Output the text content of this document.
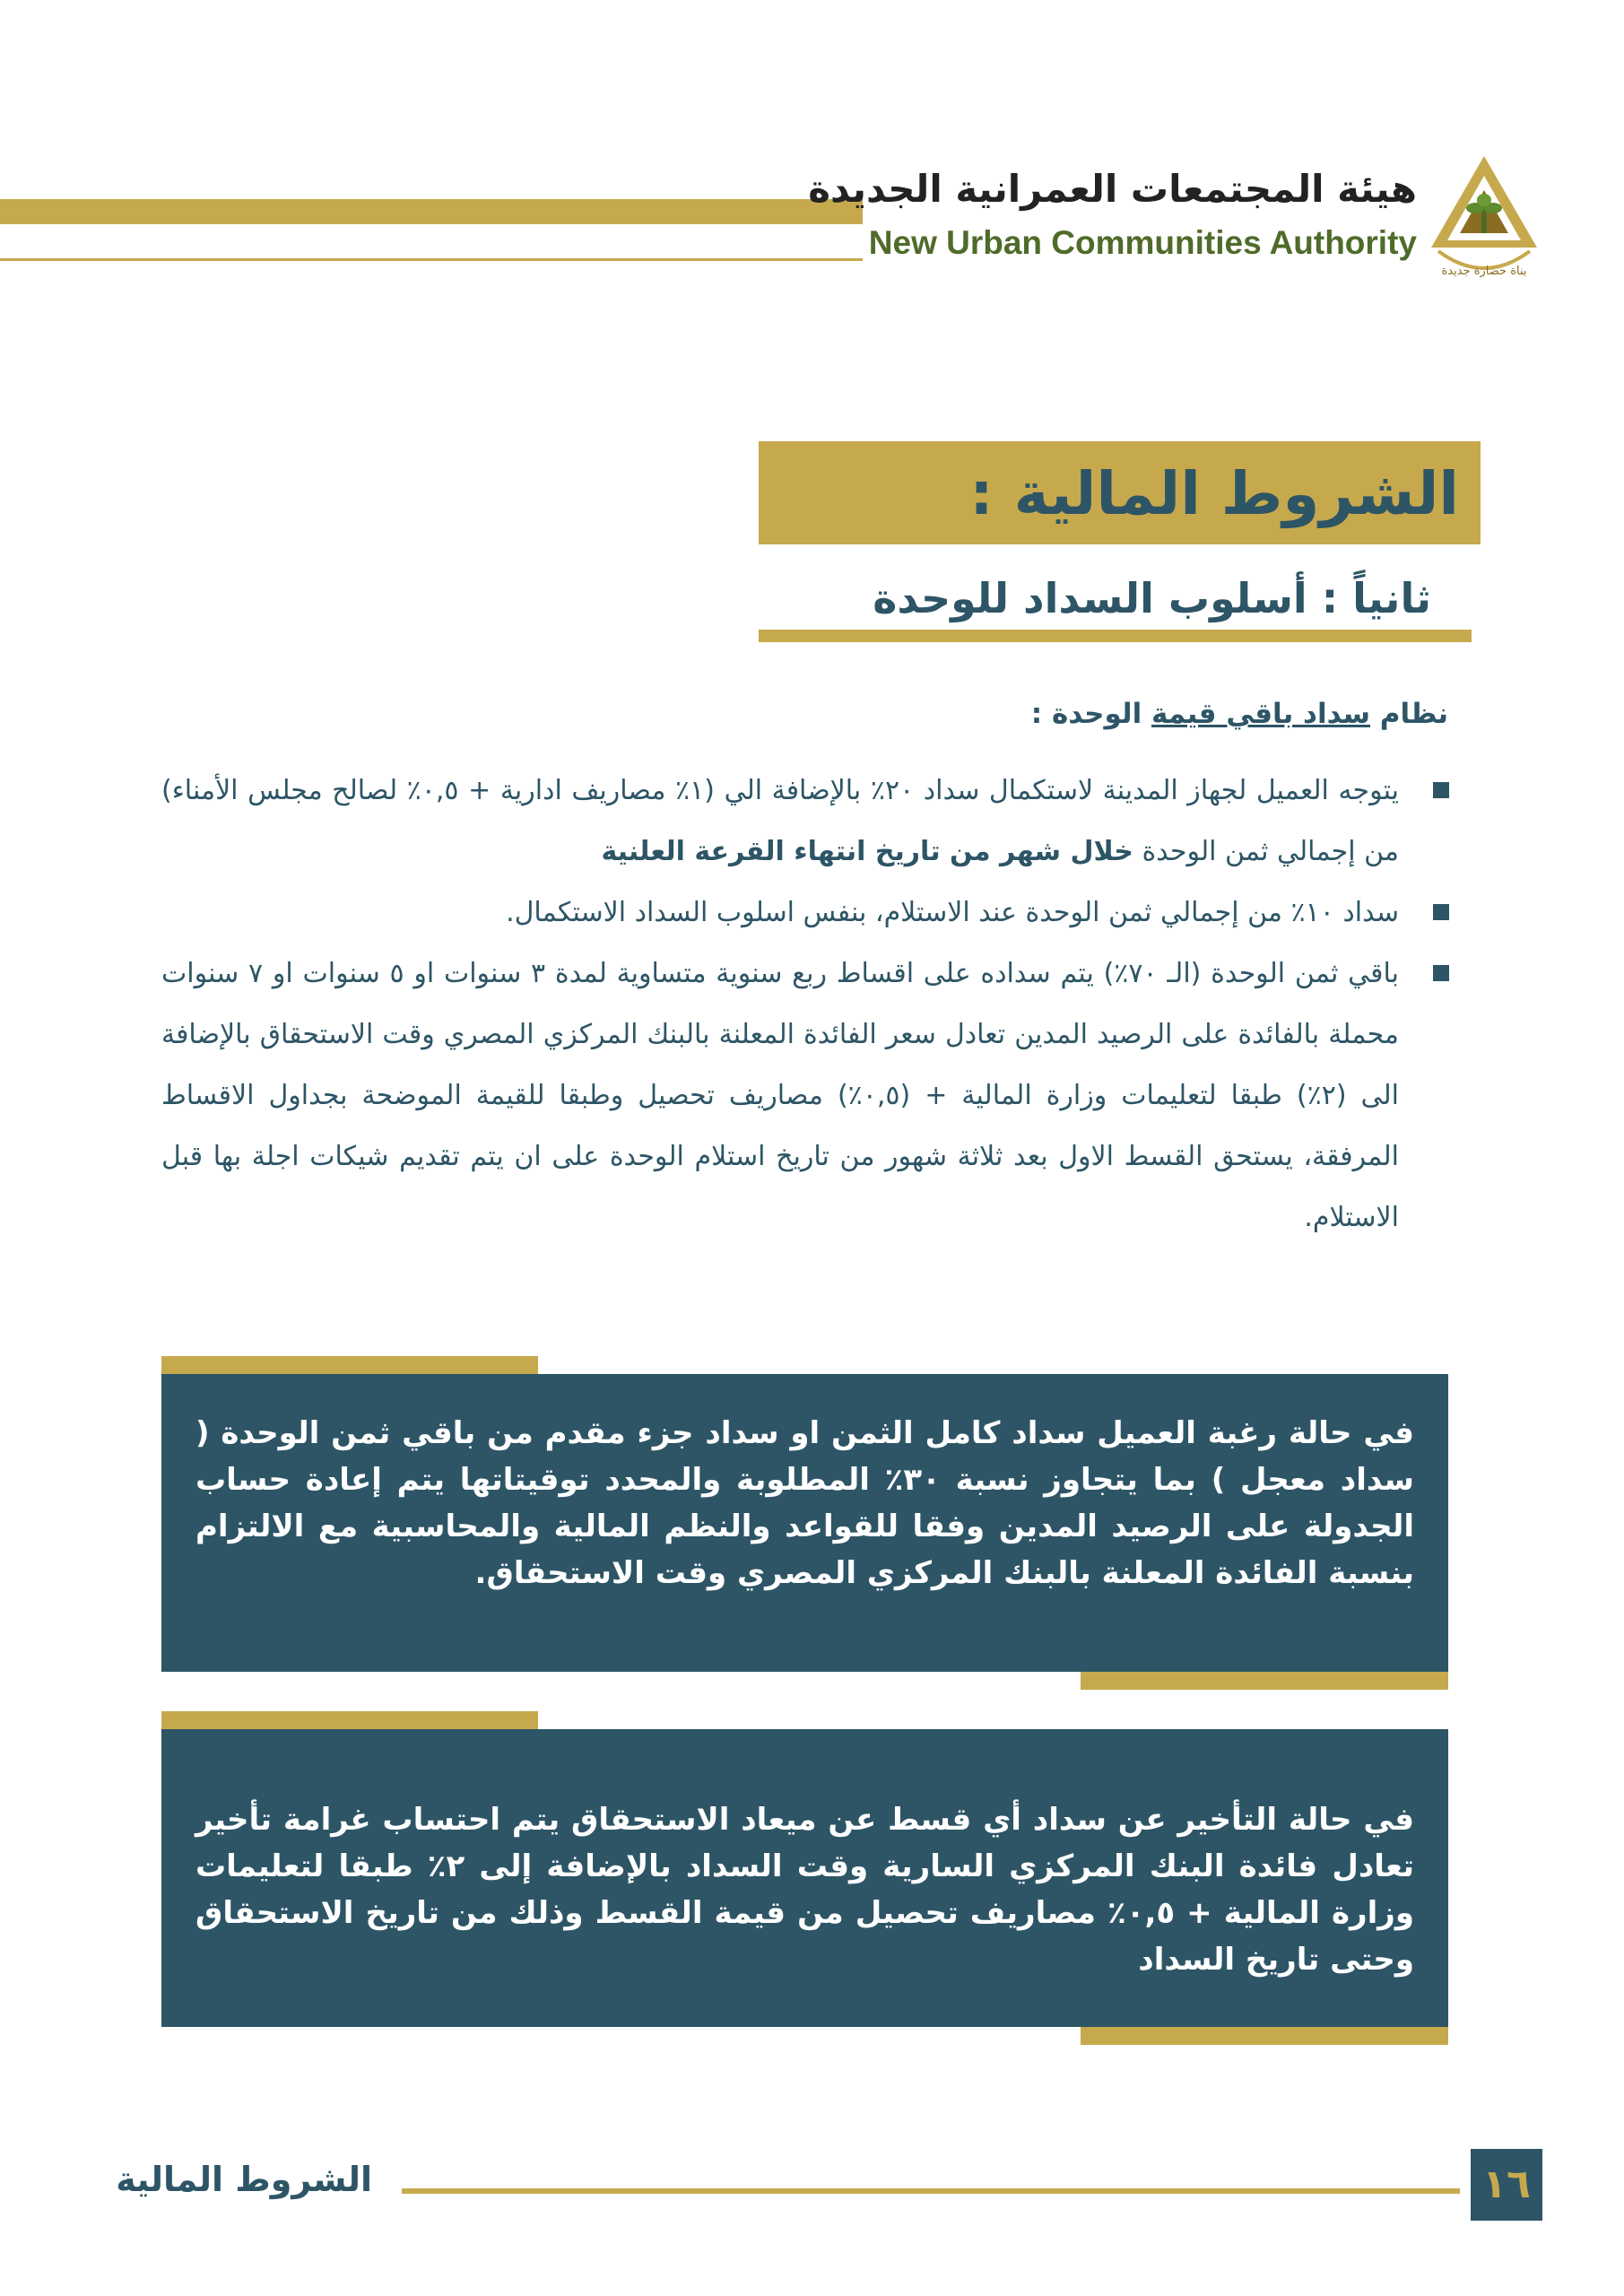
هيئة المجتمعات العمرانية الجديدة
New Urban Communities Authority
بناة حضارة جديدة
الشروط المالية :
ثانياً : أسلوب السداد للوحدة
نظام سداد باقي قيمة الوحدة :
يتوجه العميل لجهاز المدينة لاستكمال سداد ٢٠٪ بالإضافة الي (١٪ مصاريف ادارية + ٠,٥٪ لصالح مجلس الأمناء) من إجمالي ثمن الوحدة خلال شهر من تاريخ انتهاء القرعة العلنية
سداد ١٠٪ من إجمالي ثمن الوحدة عند الاستلام، بنفس اسلوب السداد الاستكمال.
باقي ثمن الوحدة (الـ ٧٠٪) يتم سداده على اقساط ربع سنوية متساوية لمدة ٣ سنوات او ٥ سنوات او ٧ سنوات محملة بالفائدة على الرصيد المدين تعادل سعر الفائدة المعلنة بالبنك المركزي المصري وقت الاستحقاق بالإضافة الى (٢٪) طبقا لتعليمات وزارة المالية + (٠,٥٪) مصاريف تحصيل وطبقا للقيمة الموضحة بجداول الاقساط المرفقة، يستحق القسط الاول بعد ثلاثة شهور من تاريخ استلام الوحدة على ان يتم تقديم شيكات اجلة بها قبل الاستلام.
في حالة رغبة العميل سداد كامل الثمن او سداد جزء مقدم من باقي ثمن الوحدة ( سداد معجل ) بما يتجاوز نسبة ٣٠٪ المطلوبة والمحدد توقيتاتها يتم إعادة حساب الجدولة على الرصيد المدين وفقا للقواعد والنظم المالية والمحاسبية مع الالتزام بنسبة الفائدة المعلنة بالبنك المركزي المصري وقت الاستحقاق.
في حالة التأخير عن سداد أي قسط عن ميعاد الاستحقاق يتم احتساب غرامة تأخير تعادل فائدة البنك المركزي السارية وقت السداد بالإضافة إلى ٢٪ طبقا لتعليمات وزارة المالية + ٠,٥٪ مصاريف تحصيل من قيمة القسط وذلك من تاريخ الاستحقاق وحتى تاريخ السداد
الشروط المالية	١٦
